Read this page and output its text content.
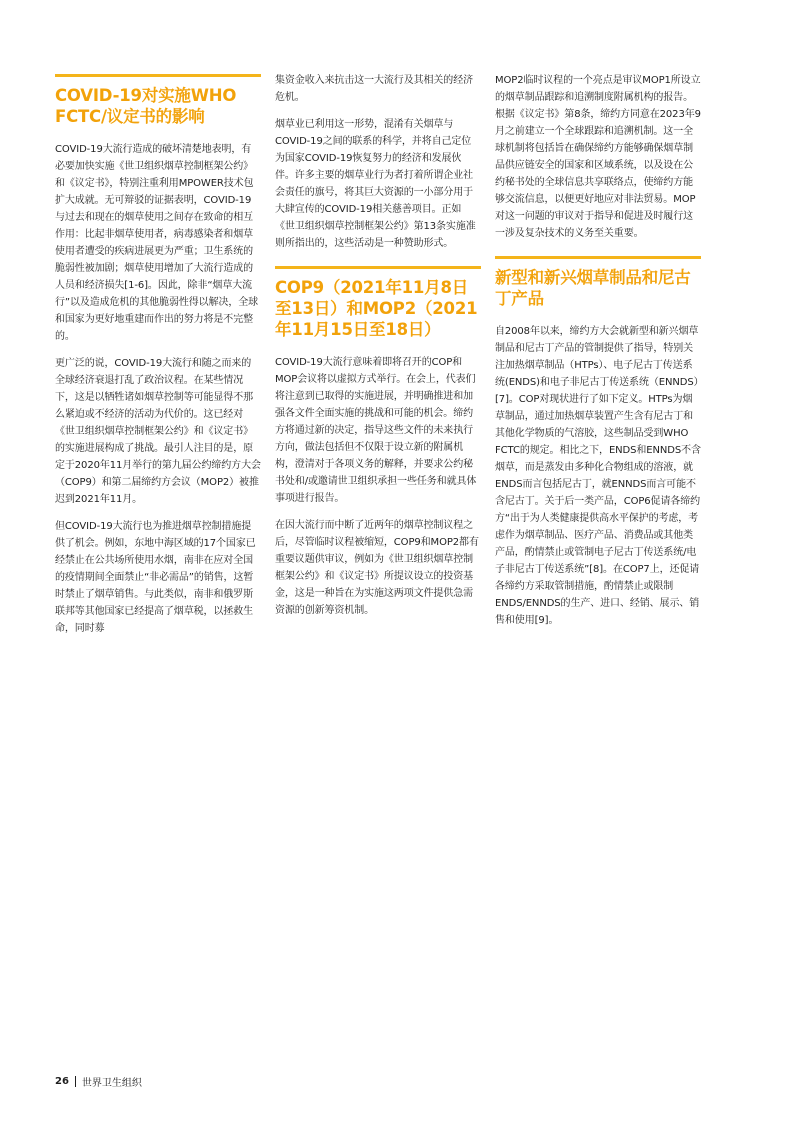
COVID-19对实施WHO FCTC/议定书的影响

COVID-19大流行造成的破坏清楚地表明，有必要加快实施《世卫组织烟草控制框架公约》和《议定书》，特别注重利用MPOWER技术包扩大成就。无可辩驳的证据表明，COVID-19与过去和现在的烟草使用之间存在致命的相互作用：比起非烟草使用者，病毒感染者和烟草使用者遭受的疾病进展更为严重；卫生系统的脆弱性被加剧；烟草使用增加了大流行造成的人员和经济损失[1-6]。因此，除非“烟草大流行”以及造成危机的其他脆弱性得以解决，全球和国家为更好地重建而作出的努力将是不完整的。

更广泛的说，COVID-19大流行和随之而来的全球经济衰退打乱了政治议程。在某些情况下，这是以牺牲诸如烟草控制等可能显得不那么紧迫或不经济的活动为代价的。这已经对《世卫组织烟草控制框架公约》和《议定书》的实施进展构成了挑战。最引人注目的是，原定于2020年11月举行的第九届公约缔约方大会（COP9）和第二届缔约方会议（MOP2）被推迟到2021年11月。

但COVID-19大流行也为推进烟草控制措施提供了机会。例如，东地中海区域的17个国家已经禁止在公共场所使用水烟，南非在应对全国的疫情期间全面禁止“非必需品”的销售，这暂时禁止了烟草销售。与此类似，南非和俄罗斯联邦等其他国家已经提高了烟草税，以拯救生命，同时募

集资金收入来抗击这一大流行及其相关的经济危机。

烟草业已利用这一形势，混淆有关烟草与COVID-19之间的联系的科学，并将自己定位为国家COVID-19恢复努力的经济和发展伙伴。许多主要的烟草业行为者打着所谓企业社会责任的旗号，将其巨大资源的一小部分用于大肆宣传的COVID-19相关慈善项目。正如《世卫组织烟草控制框架公约》第13条实施准则所指出的，这些活动是一种赞助形式。

COP9（2021年11月8日至13日）和MOP2（2021年11月15日至18日）

COVID-19大流行意味着即将召开的COP和MOP会议将以虚拟方式举行。在会上，代表们将注意到已取得的实施进展，并明确推进和加强各文件全面实施的挑战和可能的机会。缔约方将通过新的决定，指导这些文件的未来执行方向，做法包括但不仅限于设立新的附属机构，澄清对于各项义务的解释，并要求公约秘书处和/或邀请世卫组织承担一些任务和就具体事项进行报告。

在因大流行而中断了近两年的烟草控制议程之后，尽管临时议程被缩短，COP9和MOP2都有重要议题供审议，例如为《世卫组织烟草控制框架公约》和《议定书》所提议设立的投资基金，这是一种旨在为实施这两项文件提供急需资源的创新筹资机制。

MOP2临时议程的一个亮点是审议MOP1所设立的烟草制品跟踪和追溯制度附属机构的报告。根据《议定书》第8条，缔约方同意在2023年9月之前建立一个全球跟踪和追溯机制。这一全球机制将包括旨在确保缔约方能够确保烟草制品供应链安全的国家和区域系统，以及设在公约秘书处的全球信息共享联络点，使缔约方能够交流信息，以便更好地应对非法贸易。MOP对这一问题的审议对于指导和促进及时履行这一涉及复杂技术的义务至关重要。

新型和新兴烟草制品和尼古丁产品

自2008年以来，缔约方大会就新型和新兴烟草制品和尼古丁产品的管制提供了指导，特别关注加热烟草制品（HTPs）、电子尼古丁传送系统(ENDS)和电子非尼古丁传送系统（ENNDS）[7]。COP对现状进行了如下定义。HTPs为烟草制品，通过加热烟草装置产生含有尼古丁和其他化学物质的气溶胶，这些制品受到WHO FCTC的规定。相比之下，ENDS和ENNDS不含烟草，而是蒸发由多种化合物组成的溶液，就ENDS而言包括尼古丁，就ENNDS而言可能不含尼古丁。关于后一类产品，COP6促请各缔约方“出于为人类健康提供高水平保护的考虑，考虑作为烟草制品、医疗产品、消费品或其他类产品，酌情禁止或管制电子尼古丁传送系统/电子非尼古丁传送系统”[8]。在COP7上，还促请各缔约方采取管制措施，酌情禁止或限制ENDS/ENNDS的生产、进口、经销、展示、销售和使用[9]。

26 世界卫生组织
